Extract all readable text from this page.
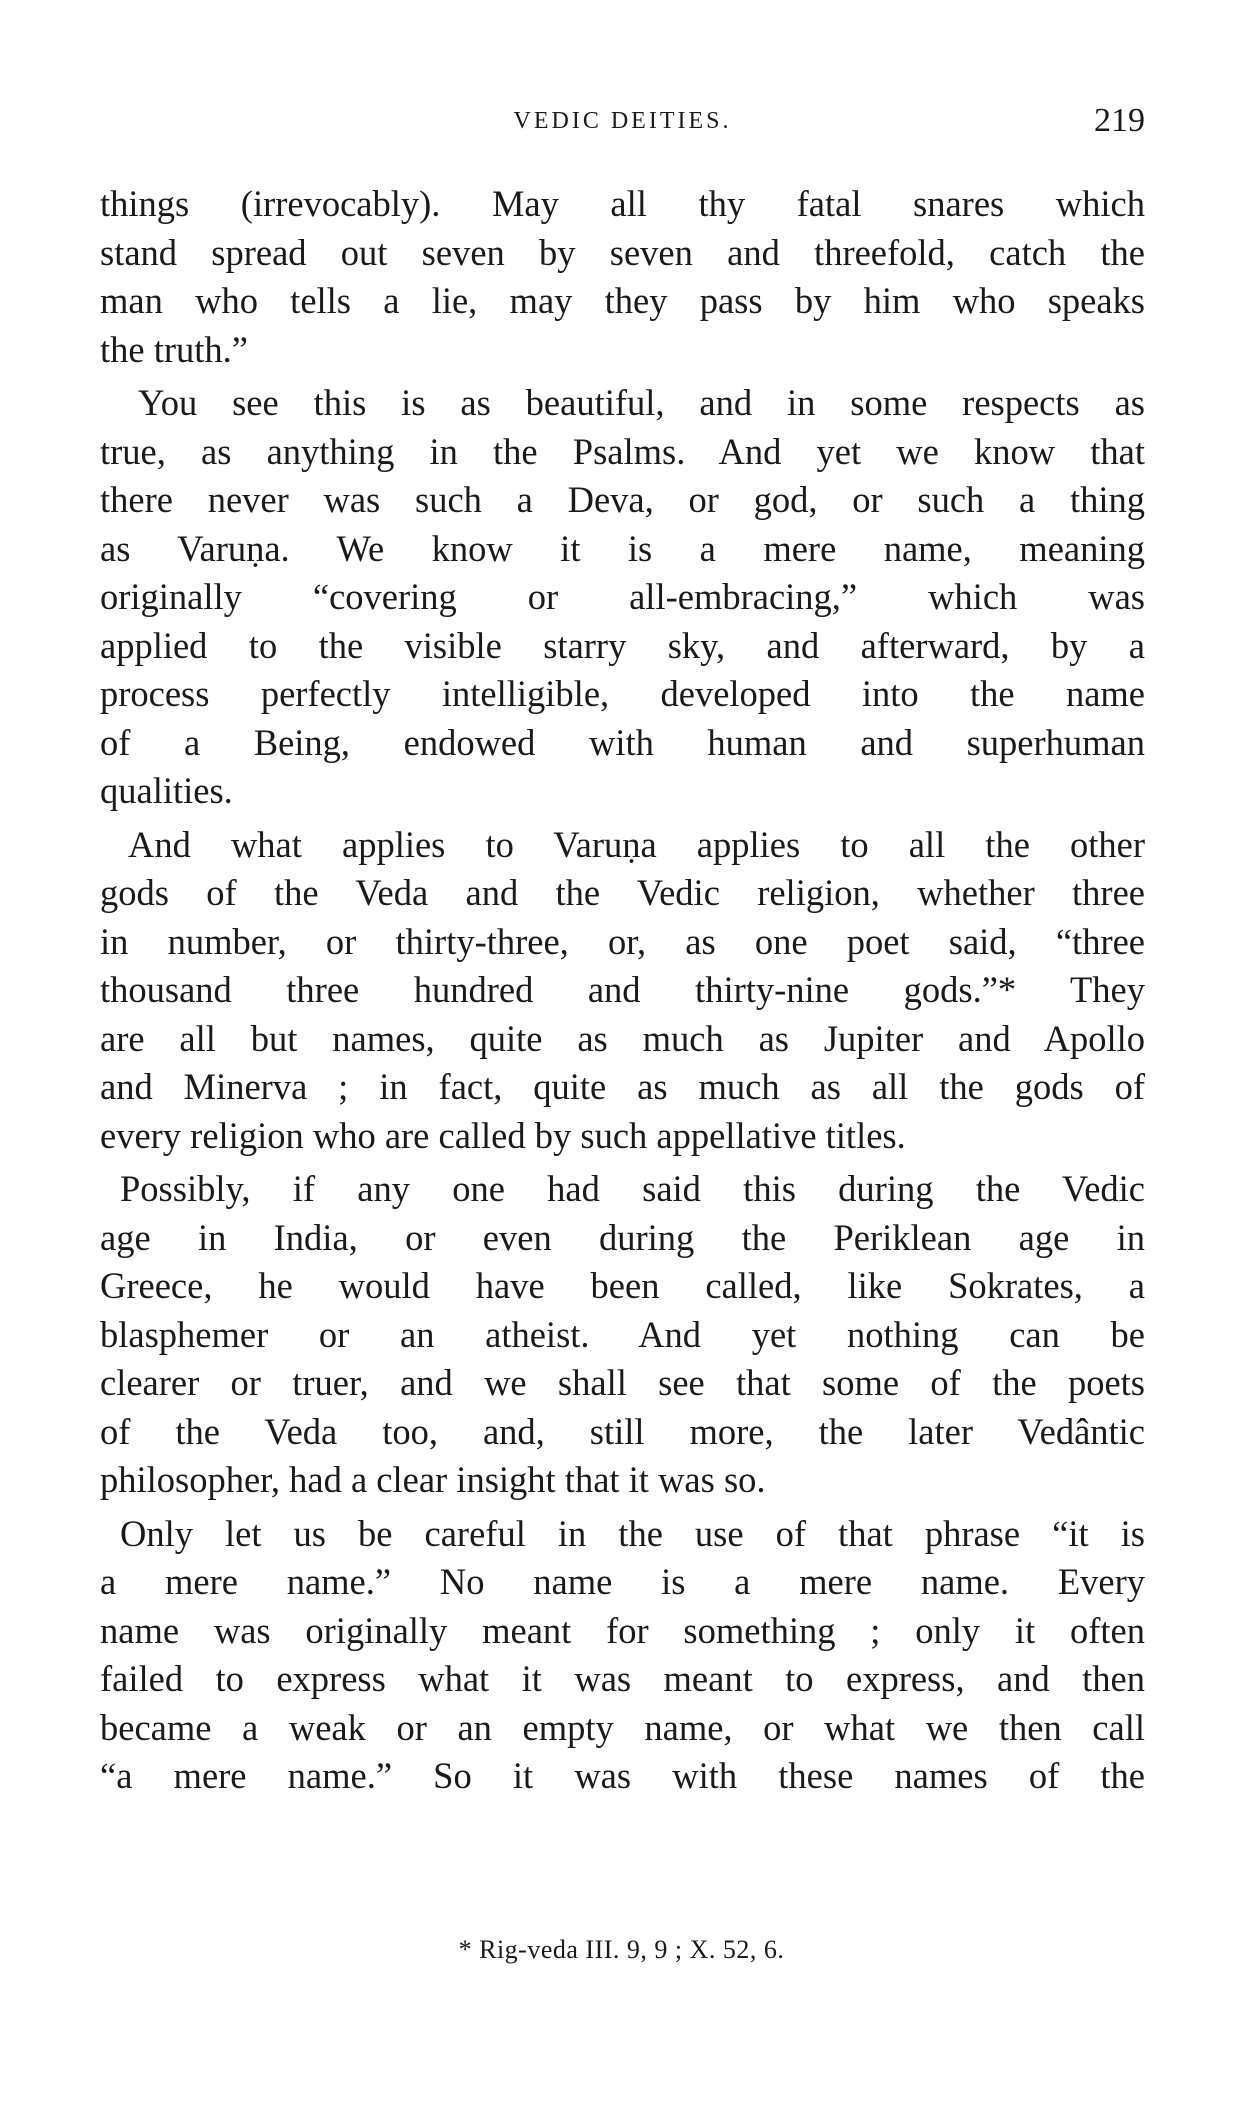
VEDIC DEITIES.	219

things (irrevocably). May all thy fatal snares which
stand spread out seven by seven and threefold, catch the
man who tells a lie, may they pass by him who speaks
the truth.”

You see this is as beautiful, and in some respects as
true, as anything in the Psalms. And yet we know that
there never was such a Deva, or god, or such a thing
as Varuṇa. We know it is a mere name, meaning
originally “covering or all-embracing,” which was
applied to the visible starry sky, and afterward, by a
process perfectly intelligible, developed into the name
of a Being, endowed with human and superhuman
qualities.

And what applies to Varuṇa applies to all the other
gods of the Veda and the Vedic religion, whether three
in number, or thirty-three, or, as one poet said, “three
thousand three hundred and thirty-nine gods.”* They
are all but names, quite as much as Jupiter and Apollo
and Minerva ; in fact, quite as much as all the gods of
every religion who are called by such appellative titles.

Possibly, if any one had said this during the Vedic
age in India, or even during the Periklean age in
Greece, he would have been called, like Sokrates, a
blasphemer or an atheist. And yet nothing can be
clearer or truer, and we shall see that some of the poets
of the Veda too, and, still more, the later Vedântic
philosopher, had a clear insight that it was so.

Only let us be careful in the use of that phrase “it is
a mere name.” No name is a mere name. Every
name was originally meant for something ; only it often
failed to express what it was meant to express, and then
became a weak or an empty name, or what we then call
“a mere name.” So it was with these names of the

* Rig-veda III. 9, 9 ; X. 52, 6.
